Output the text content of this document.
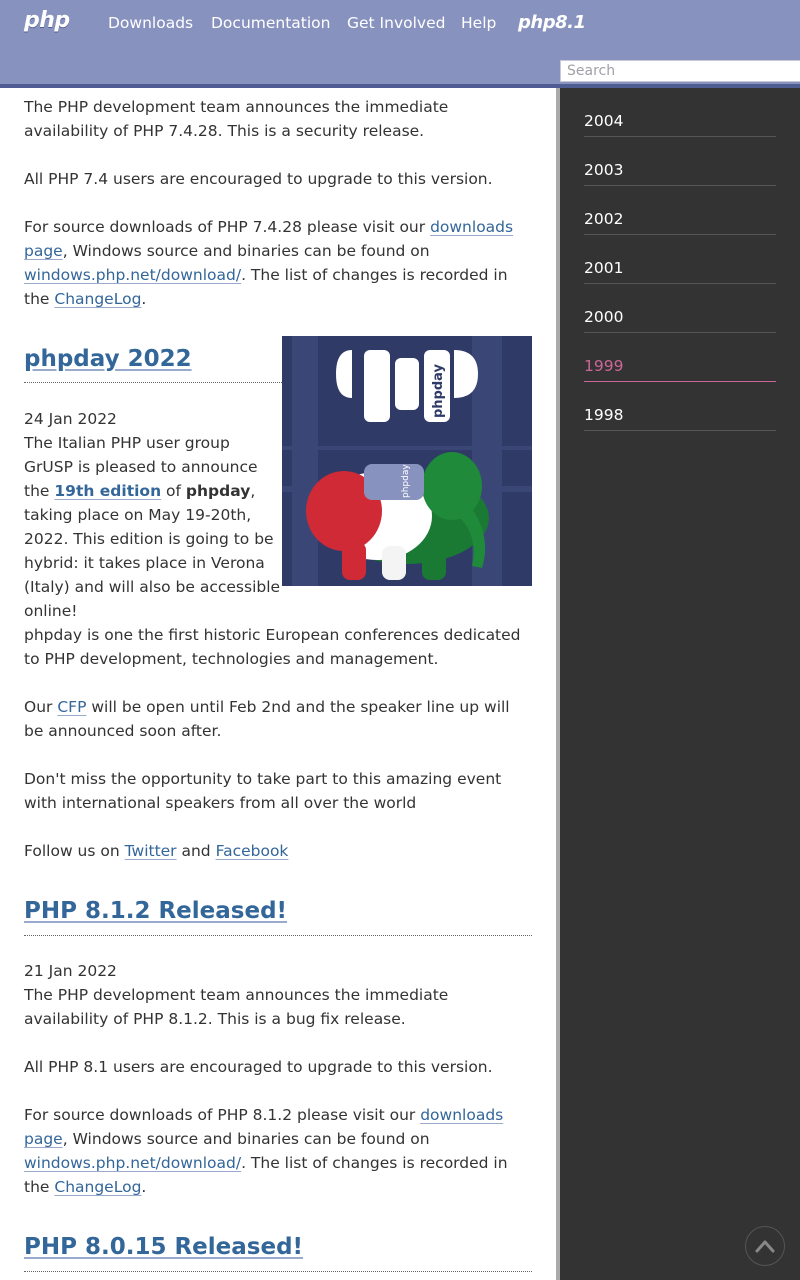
The PHP development team announces the immediate availability of PHP 7.4.28. This is a security release.

All PHP 7.4 users are encouraged to upgrade to this version.

For source downloads of PHP 7.4.28 please visit our downloads page, Windows source and binaries can be found on windows.php.net/download/. The list of changes is recorded in the ChangeLog.

phpday 2022
24 Jan 2022

The Italian PHP user group GrUSP is pleased to announce the 19th edition of phpday, taking place on May 19-20th, 2022. This edition is going to be hybrid: it takes place in Verona (Italy) and will also be accessible online!

phpday
phpday

phpday is one the first historic European conferences dedicated to PHP development, technologies and management.

Our CFP will be open until Feb 2nd and the speaker line up will be announced soon after.

Don't miss the opportunity to take part to this amazing event with international speakers from all over the world

Follow us on Twitter and Facebook

PHP 8.1.2 Released!
21 Jan 2022

The PHP development team announces the immediate availability of PHP 8.1.2. This is a bug fix release.

All PHP 8.1 users are encouraged to upgrade to this version.

For source downloads of PHP 8.1.2 please visit our downloads page, Windows source and binaries can be found on windows.php.net/download/. The list of changes is recorded in the ChangeLog.

PHP 8.0.15 Released!
2004
2003
2002
2001
2000
1999
1998
php Downloads Documentation Get Involved Help php8.1
Search
